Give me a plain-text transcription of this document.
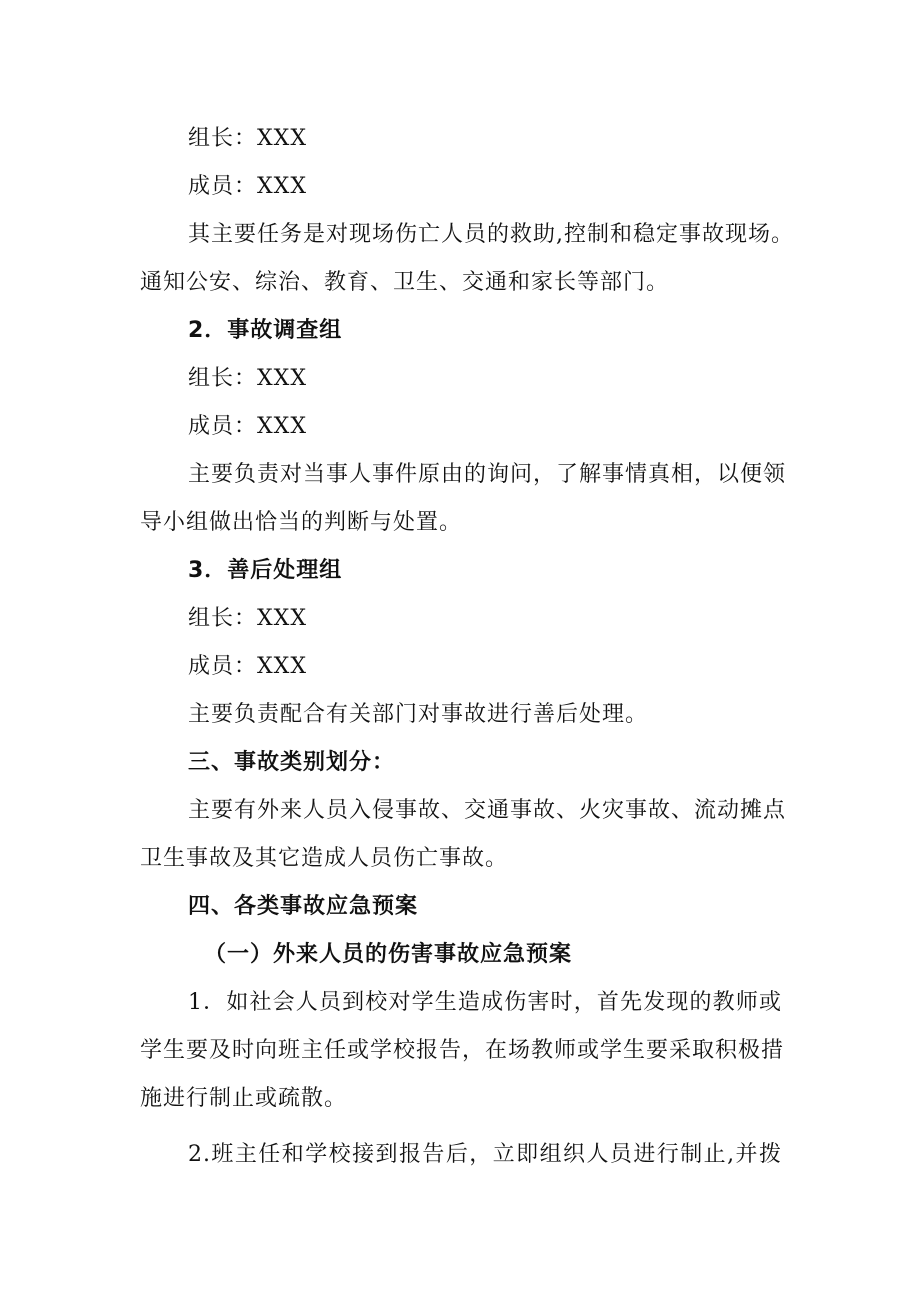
组长：XXX
成员：XXX
其主要任务是对现场伤亡人员的救助,控制和稳定事故现场。
通知公安、综治、教育、卫生、交通和家长等部门。
2．事故调查组
组长：XXX
成员：XXX
主要负责对当事人事件原由的询问，了解事情真相，以便领
导小组做出恰当的判断与处置。
3．善后处理组
组长：XXX
成员：XXX
主要负责配合有关部门对事故进行善后处理。
三、事故类别划分：
主要有外来人员入侵事故、交通事故、火灾事故、流动摊点
卫生事故及其它造成人员伤亡事故。
四、各类事故应急预案
（一）外来人员的伤害事故应急预案
1．如社会人员到校对学生造成伤害时，首先发现的教师或
学生要及时向班主任或学校报告，在场教师或学生要采取积极措
施进行制止或疏散。
2.班主任和学校接到报告后，立即组织人员进行制止,并拨
